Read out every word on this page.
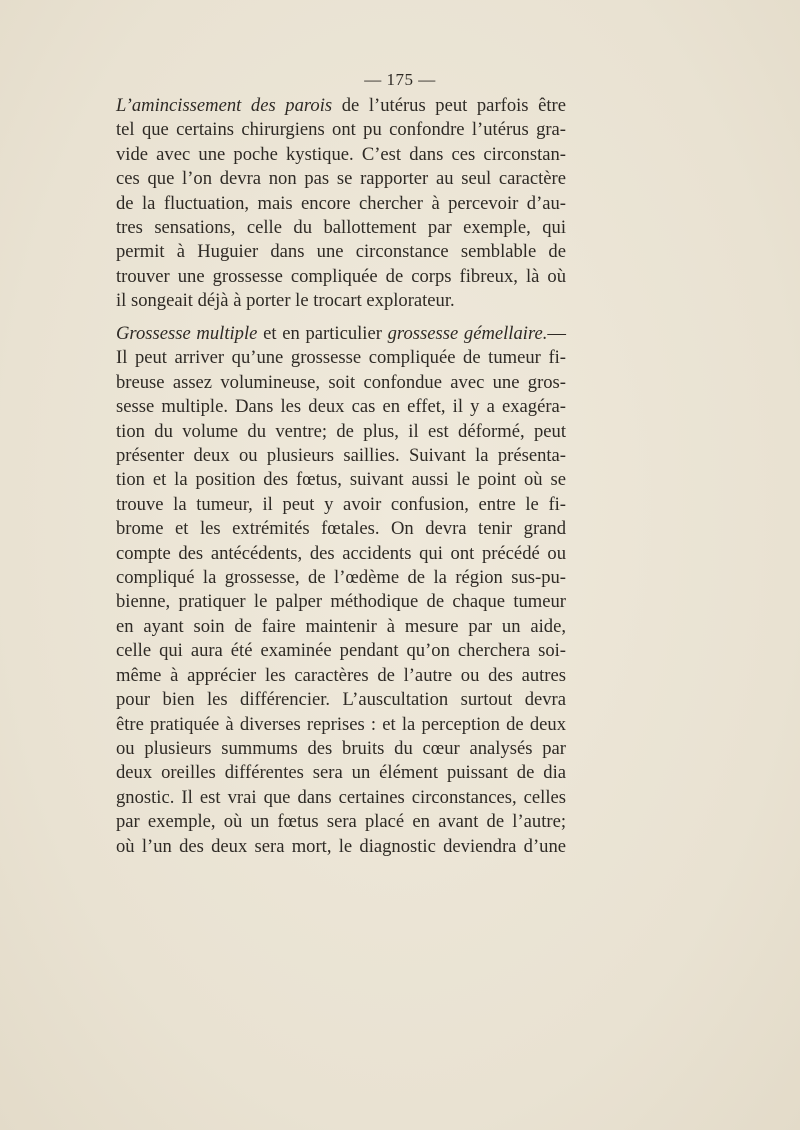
— 175 —

L’amincissement des parois de l’utérus peut parfois être
tel que certains chirurgiens ont pu confondre l’utérus gra-
vide avec une poche kystique. C’est dans ces circonstan-
ces que l’on devra non pas se rapporter au seul caractère
de la fluctuation, mais encore chercher à percevoir d’au-
tres sensations, celle du ballottement par exemple, qui
permit à Huguier dans une circonstance semblable de
trouver une grossesse compliquée de corps fibreux, là où
il songeait déjà à porter le trocart explorateur.

Grossesse multiple et en particulier grossesse gémellaire.—
Il peut arriver qu’une grossesse compliquée de tumeur fi-
breuse assez volumineuse, soit confondue avec une gros-
sesse multiple. Dans les deux cas en effet, il y a exagéra-
tion du volume du ventre; de plus, il est déformé, peut
présenter deux ou plusieurs saillies. Suivant la présenta-
tion et la position des fœtus, suivant aussi le point où se
trouve la tumeur, il peut y avoir confusion, entre le fi-
brome et les extrémités fœtales. On devra tenir grand
compte des antécédents, des accidents qui ont précédé ou
compliqué la grossesse, de l’œdème de la région sus-pu-
bienne, pratiquer le palper méthodique de chaque tumeur
en ayant soin de faire maintenir à mesure par un aide,
celle qui aura été examinée pendant qu’on cherchera soi-
même à apprécier les caractères de l’autre ou des autres
pour bien les différencier. L’auscultation surtout devra
être pratiquée à diverses reprises : et la perception de deux
ou plusieurs summums des bruits du cœur analysés par
deux oreilles différentes sera un élément puissant de dia
gnostic. Il est vrai que dans certaines circonstances, celles
par exemple, où un fœtus sera placé en avant de l’autre;
où l’un des deux sera mort, le diagnostic deviendra d’une
